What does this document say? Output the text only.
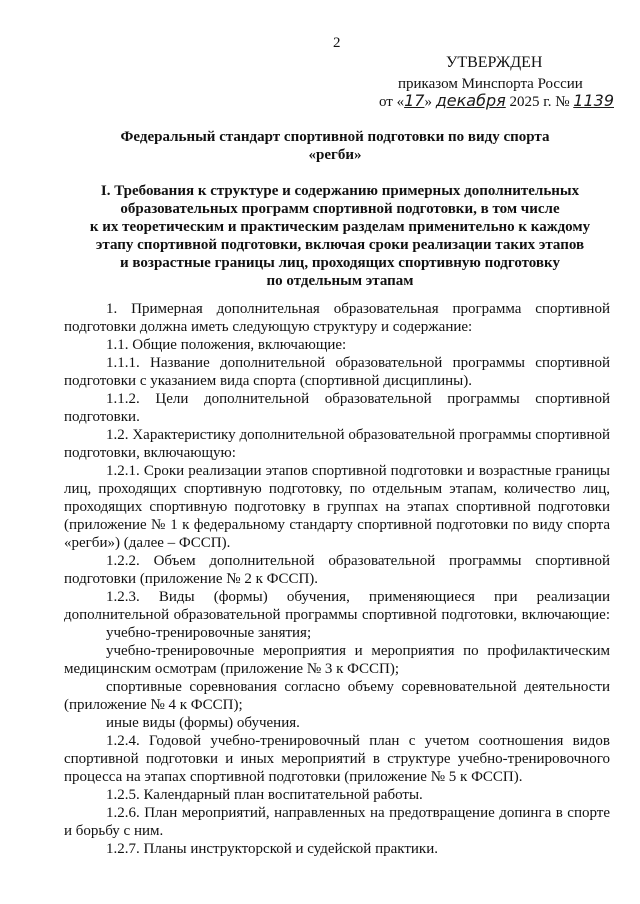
2
УТВЕРЖДЕН
приказом Минспорта России
от «17» декабря 2025 г. № 1139
Федеральный стандарт спортивной подготовки по виду спорта
«регби»
I. Требования к структуре и содержанию примерных дополнительных
образовательных программ спортивной подготовки, в том числе
к их теоретическим и практическим разделам применительно к каждому
этапу спортивной подготовки, включая сроки реализации таких этапов
и возрастные границы лиц, проходящих спортивную подготовку
по отдельным этапам
1. Примерная дополнительная образовательная программа спортивной
подготовки должна иметь следующую структуру и содержание:
1.1. Общие положения, включающие:
1.1.1. Название дополнительной образовательной программы спортивной
подготовки с указанием вида спорта (спортивной дисциплины).
1.1.2. Цели дополнительной образовательной программы спортивной
подготовки.
1.2. Характеристику дополнительной образовательной программы спортивной
подготовки, включающую:
1.2.1. Сроки реализации этапов спортивной подготовки и возрастные границы
лиц, проходящих спортивную подготовку, по отдельным этапам, количество лиц,
проходящих спортивную подготовку в группах на этапах спортивной подготовки
(приложение № 1 к федеральному стандарту спортивной подготовки по виду спорта
«регби») (далее – ФССП).
1.2.2. Объем дополнительной образовательной программы спортивной
подготовки (приложение № 2 к ФССП).
1.2.3. Виды (формы) обучения, применяющиеся при реализации
дополнительной образовательной программы спортивной подготовки, включающие:
учебно-тренировочные занятия;
учебно-тренировочные мероприятия и мероприятия по профилактическим
медицинским осмотрам (приложение № 3 к ФССП);
спортивные соревнования согласно объему соревновательной деятельности
(приложение № 4 к ФССП);
иные виды (формы) обучения.
1.2.4. Годовой учебно-тренировочный план с учетом соотношения видов
спортивной подготовки и иных мероприятий в структуре учебно-тренировочного
процесса на этапах спортивной подготовки (приложение № 5 к ФССП).
1.2.5. Календарный план воспитательной работы.
1.2.6. План мероприятий, направленных на предотвращение допинга в спорте
и борьбу с ним.
1.2.7. Планы инструкторской и судейской практики.
